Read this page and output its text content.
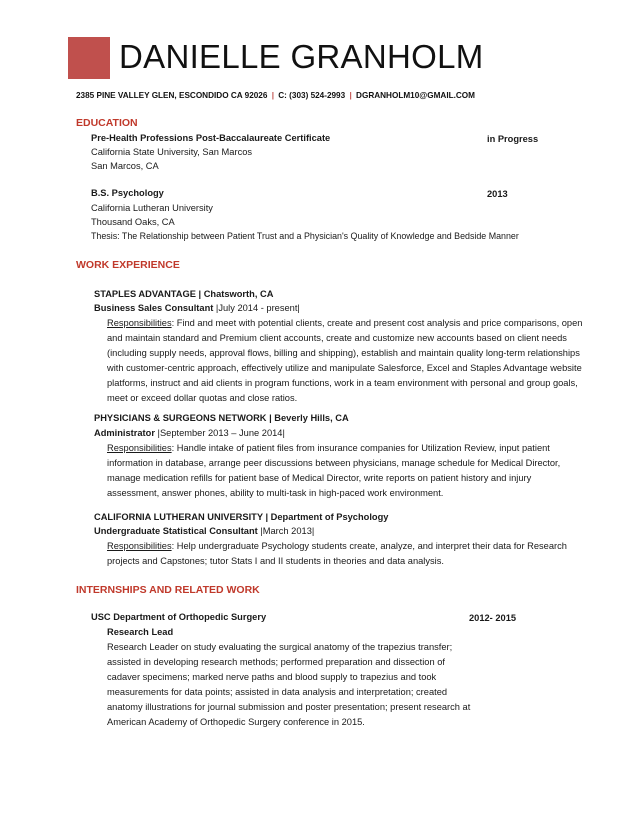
DANIELLE GRANHOLM
2385 PINE VALLEY GLEN, ESCONDIDO CA 92026 | C: (303) 524-2993 | DGRANHOLM10@GMAIL.COM
EDUCATION
Pre-Health Professions Post-Baccalaureate Certificate	in Progress
California State University, San Marcos
San Marcos, CA
B.S. Psychology	2013
California Lutheran University
Thousand Oaks, CA
Thesis: The Relationship between Patient Trust and a Physician's Quality of Knowledge and Bedside Manner
WORK EXPERIENCE
STAPLES ADVANTAGE | Chatsworth, CA
Business Sales Consultant |July 2014 - present|
Responsibilities: Find and meet with potential clients, create and present cost analysis and price comparisons, open and maintain standard and Premium client accounts, create and customize new accounts based on client needs (including supply needs, approval flows, billing and shipping), establish and maintain quality long-term relationships with customer-centric approach, effectively utilize and manipulate Salesforce, Excel and Staples Advantage website platforms, instruct and aid clients in program functions, work in a team environment with personal and group goals, meet or exceed dollar quotas and close ratios.
PHYSICIANS & SURGEONS NETWORK | Beverly Hills, CA
Administrator |September 2013 – June 2014|
Responsibilities: Handle intake of patient files from insurance companies for Utilization Review, input patient information in database, arrange peer discussions between physicians, manage schedule for Medical Director, manage medication refills for patient base of Medical Director, write reports on patient history and injury assessment, answer phones, ability to multi-task in high-paced work environment.
CALIFORNIA LUTHERAN UNIVERSITY | Department of Psychology
Undergraduate Statistical Consultant |March 2013|
Responsibilities: Help undergraduate Psychology students create, analyze, and interpret their data for Research projects and Capstones; tutor Stats I and II students in theories and data analysis.
INTERNSHIPS AND RELATED WORK
USC Department of Orthopedic Surgery	2012- 2015
Research Lead
Research Leader on study evaluating the surgical anatomy of the trapezius transfer; assisted in developing research methods; performed preparation and dissection of cadaver specimens; marked nerve paths and blood supply to trapezius and took measurements for data points; assisted in data analysis and interpretation; created anatomy illustrations for journal submission and poster presentation; present research at American Academy of Orthopedic Surgery conference in 2015.
